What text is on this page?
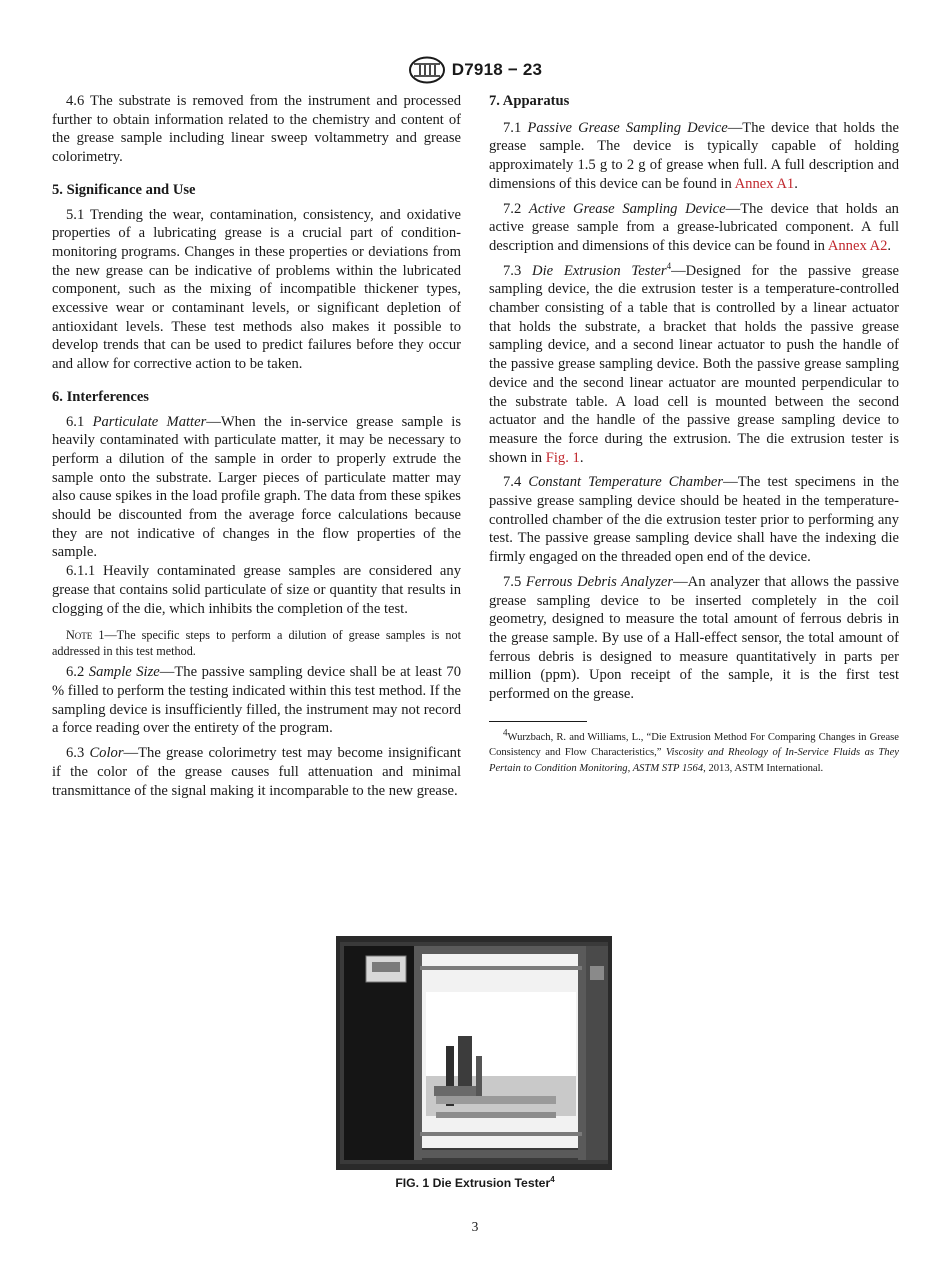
D7918 − 23

4.6 The substrate is removed from the instrument and processed further to obtain information related to the chemistry and content of the grease sample including linear sweep voltammetry and grease colorimetry.

5. Significance and Use

5.1 Trending the wear, contamination, consistency, and oxidative properties of a lubricating grease is a crucial part of condition-monitoring programs. Changes in these properties or deviations from the new grease can be indicative of problems within the lubricated component, such as the mixing of incompatible thickener types, excessive wear or contaminant levels, or significant depletion of antioxidant levels. These test methods also makes it possible to develop trends that can be used to predict failures before they occur and allow for corrective action to be taken.

6. Interferences

6.1 Particulate Matter—When the in-service grease sample is heavily contaminated with particulate matter, it may be necessary to perform a dilution of the sample in order to properly extrude the sample onto the substrate. Larger pieces of particulate matter may also cause spikes in the load profile graph. The data from these spikes should be discounted from the average force calculations because they are not indicative of changes in the flow properties of the sample.

6.1.1 Heavily contaminated grease samples are considered any grease that contains solid particulate of size or quantity that results in clogging of the die, which inhibits the completion of the test.

Note 1—The specific steps to perform a dilution of grease samples is not addressed in this test method.

6.2 Sample Size—The passive sampling device shall be at least 70 % filled to perform the testing indicated within this test method. If the sampling device is insufficiently filled, the instrument may not record a force reading over the entirety of the program.

6.3 Color—The grease colorimetry test may become insignificant if the color of the grease causes full attenuation and minimal transmittance of the signal making it incomparable to the new grease.

7. Apparatus

7.1 Passive Grease Sampling Device—The device that holds the grease sample. The device is typically capable of holding approximately 1.5 g to 2 g of grease when full. A full description and dimensions of this device can be found in Annex A1.

7.2 Active Grease Sampling Device—The device that holds an active grease sample from a grease-lubricated component. A full description and dimensions of this device can be found in Annex A2.

7.3 Die Extrusion Tester$^4$—Designed for the passive grease sampling device, the die extrusion tester is a temperature-controlled chamber consisting of a table that is controlled by a linear actuator that holds the substrate, a bracket that holds the passive grease sampling device, and a second linear actuator to push the handle of the passive grease sampling device. Both the passive grease sampling device and the second linear actuator are mounted perpendicular to the substrate table. A load cell is mounted between the second actuator and the handle of the passive grease sampling device to measure the force during the extrusion. The die extrusion tester is shown in Fig. 1.

7.4 Constant Temperature Chamber—The test specimens in the passive grease sampling device should be heated in the temperature-controlled chamber of the die extrusion tester prior to performing any test. The passive grease sampling device shall have the indexing die firmly engaged on the threaded open end of the device.

7.5 Ferrous Debris Analyzer—An analyzer that allows the passive grease sampling device to be inserted completely in the coil geometry, designed to measure the total amount of ferrous debris in the grease sample. By use of a Hall-effect sensor, the total amount of ferrous debris is designed to measure quantitatively in parts per million (ppm). Upon receipt of the sample, it is the first test performed on the grease.

$^4$Wurzbach, R. and Williams, L., “Die Extrusion Method For Comparing Changes in Grease Consistency and Flow Characteristics,” Viscosity and Rheology of In-Service Fluids as They Pertain to Condition Monitoring, ASTM STP 1564, 2013, ASTM International.

FIG. 1 Die Extrusion Tester$^4$
3
